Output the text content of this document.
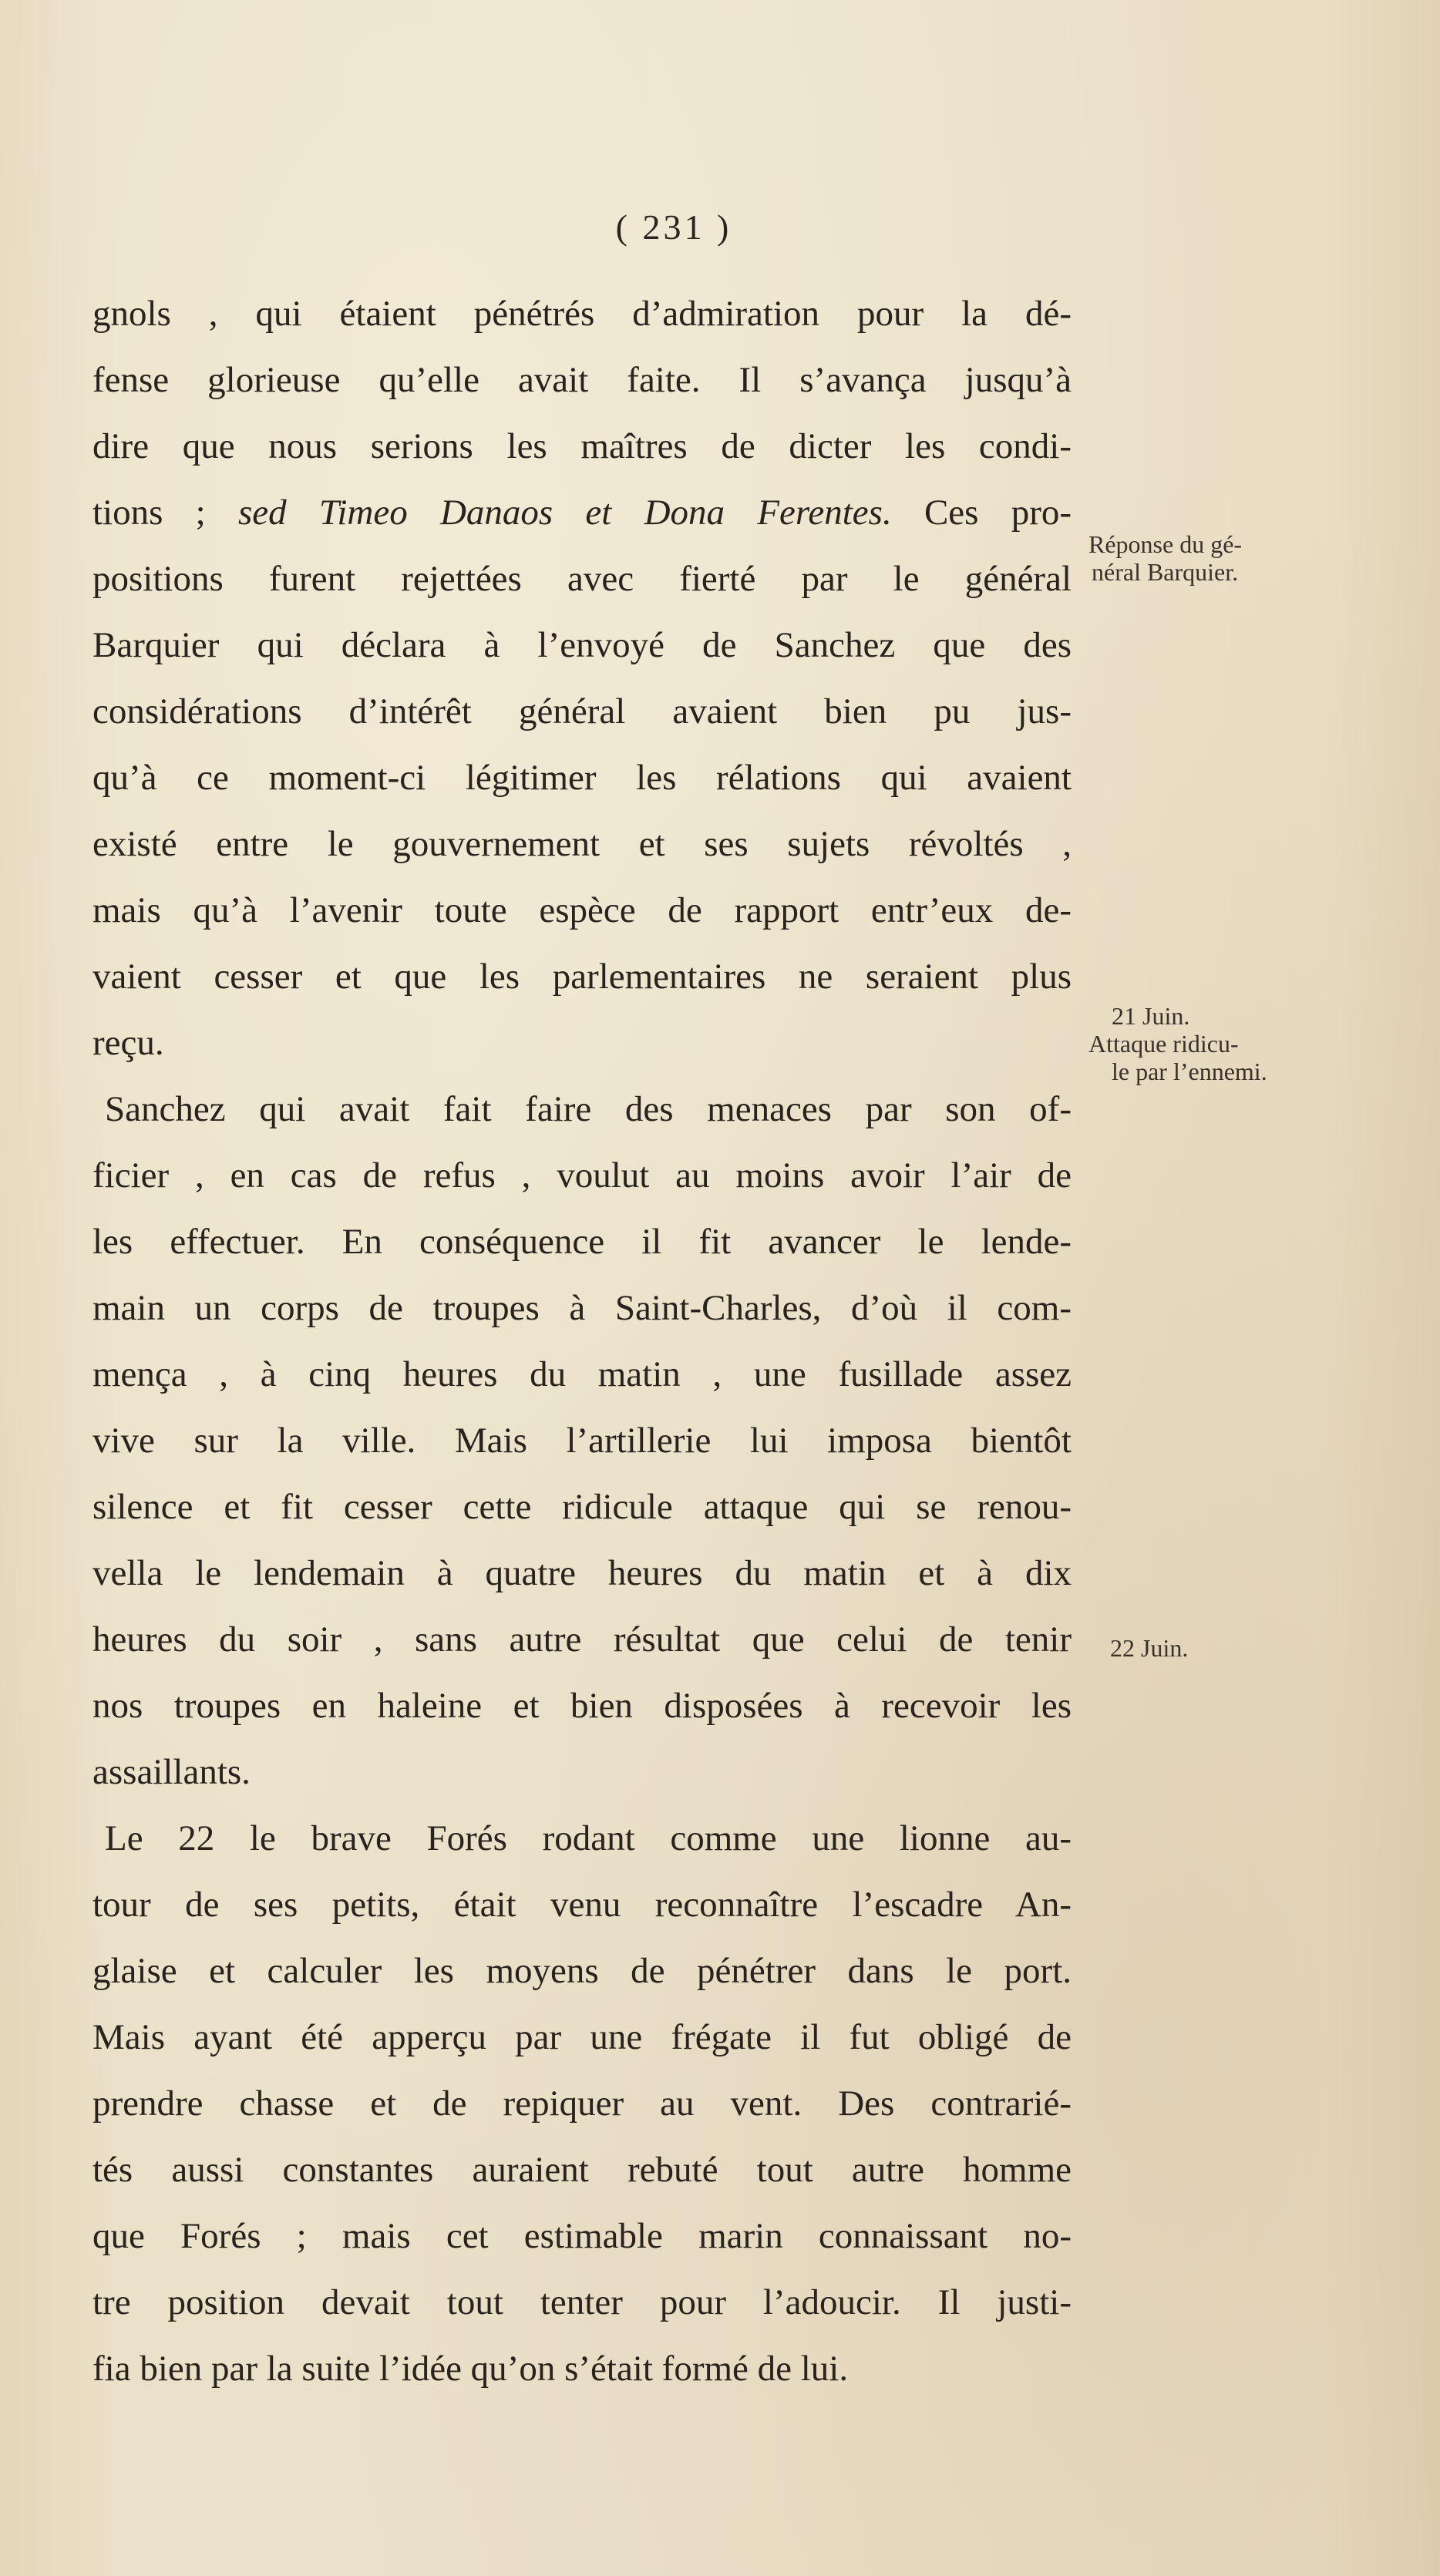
( 231 )
gnols , qui étaient pénétrés d’admiration pour la dé-
fense glorieuse qu’elle avait faite. Il s’avança jusqu’à
dire que nous serions les maîtres de dicter les condi-
tions ; sed Timeo Danaos et Dona Ferentes. Ces pro-
positions furent rejettées avec fierté par le général
Barquier qui déclara à l’envoyé de Sanchez que des
considérations d’intérêt général avaient bien pu jus-
qu’à ce moment-ci légitimer les rélations qui avaient
existé entre le gouvernement et ses sujets révoltés ,
mais qu’à l’avenir toute espèce de rapport entr’eux de-
vaient cesser et que les parlementaires ne seraient plus
reçu.
Sanchez qui avait fait faire des menaces par son of-
ficier , en cas de refus , voulut au moins avoir l’air de
les effectuer. En conséquence il fit avancer le lende-
main un corps de troupes à Saint-Charles, d’où il com-
mença , à cinq heures du matin , une fusillade assez
vive sur la ville. Mais l’artillerie lui imposa bientôt
silence et fit cesser cette ridicule attaque qui se renou-
vella le lendemain à quatre heures du matin et à dix
heures du soir , sans autre résultat que celui de tenir
nos troupes en haleine et bien disposées à recevoir les
assaillants.
Le 22 le brave Forés rodant comme une lionne au-
tour de ses petits, était venu reconnaître l’escadre An-
glaise et calculer les moyens de pénétrer dans le port.
Mais ayant été apperçu par une frégate il fut obligé de
prendre chasse et de repiquer au vent. Des contrarié-
tés aussi constantes auraient rebuté tout autre homme
que Forés ; mais cet estimable marin connaissant no-
tre position devait tout tenter pour l’adoucir. Il justi-
fia bien par la suite l’idée qu’on s’était formé de lui.
Réponse du gé-
néral Barquier.
21 Juin.
Attaque ridicu-
le par l’ennemi.
22 Juin.
